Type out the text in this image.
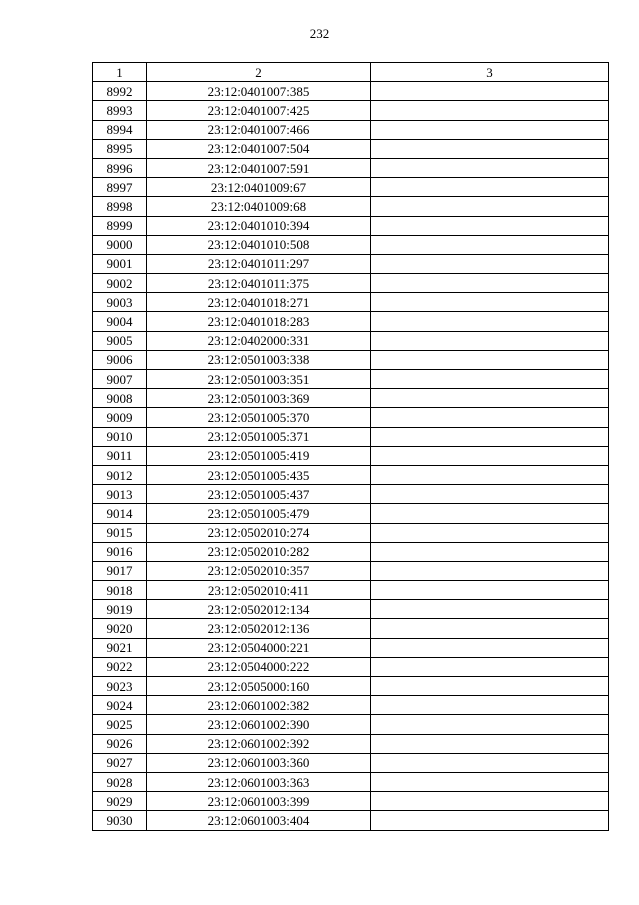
232
1	2	3
8992	23:12:0401007:385	
8993	23:12:0401007:425	
8994	23:12:0401007:466	
8995	23:12:0401007:504	
8996	23:12:0401007:591	
8997	23:12:0401009:67	
8998	23:12:0401009:68	
8999	23:12:0401010:394	
9000	23:12:0401010:508	
9001	23:12:0401011:297	
9002	23:12:0401011:375	
9003	23:12:0401018:271	
9004	23:12:0401018:283	
9005	23:12:0402000:331	
9006	23:12:0501003:338	
9007	23:12:0501003:351	
9008	23:12:0501003:369	
9009	23:12:0501005:370	
9010	23:12:0501005:371	
9011	23:12:0501005:419	
9012	23:12:0501005:435	
9013	23:12:0501005:437	
9014	23:12:0501005:479	
9015	23:12:0502010:274	
9016	23:12:0502010:282	
9017	23:12:0502010:357	
9018	23:12:0502010:411	
9019	23:12:0502012:134	
9020	23:12:0502012:136	
9021	23:12:0504000:221	
9022	23:12:0504000:222	
9023	23:12:0505000:160	
9024	23:12:0601002:382	
9025	23:12:0601002:390	
9026	23:12:0601002:392	
9027	23:12:0601003:360	
9028	23:12:0601003:363	
9029	23:12:0601003:399	
9030	23:12:0601003:404	
